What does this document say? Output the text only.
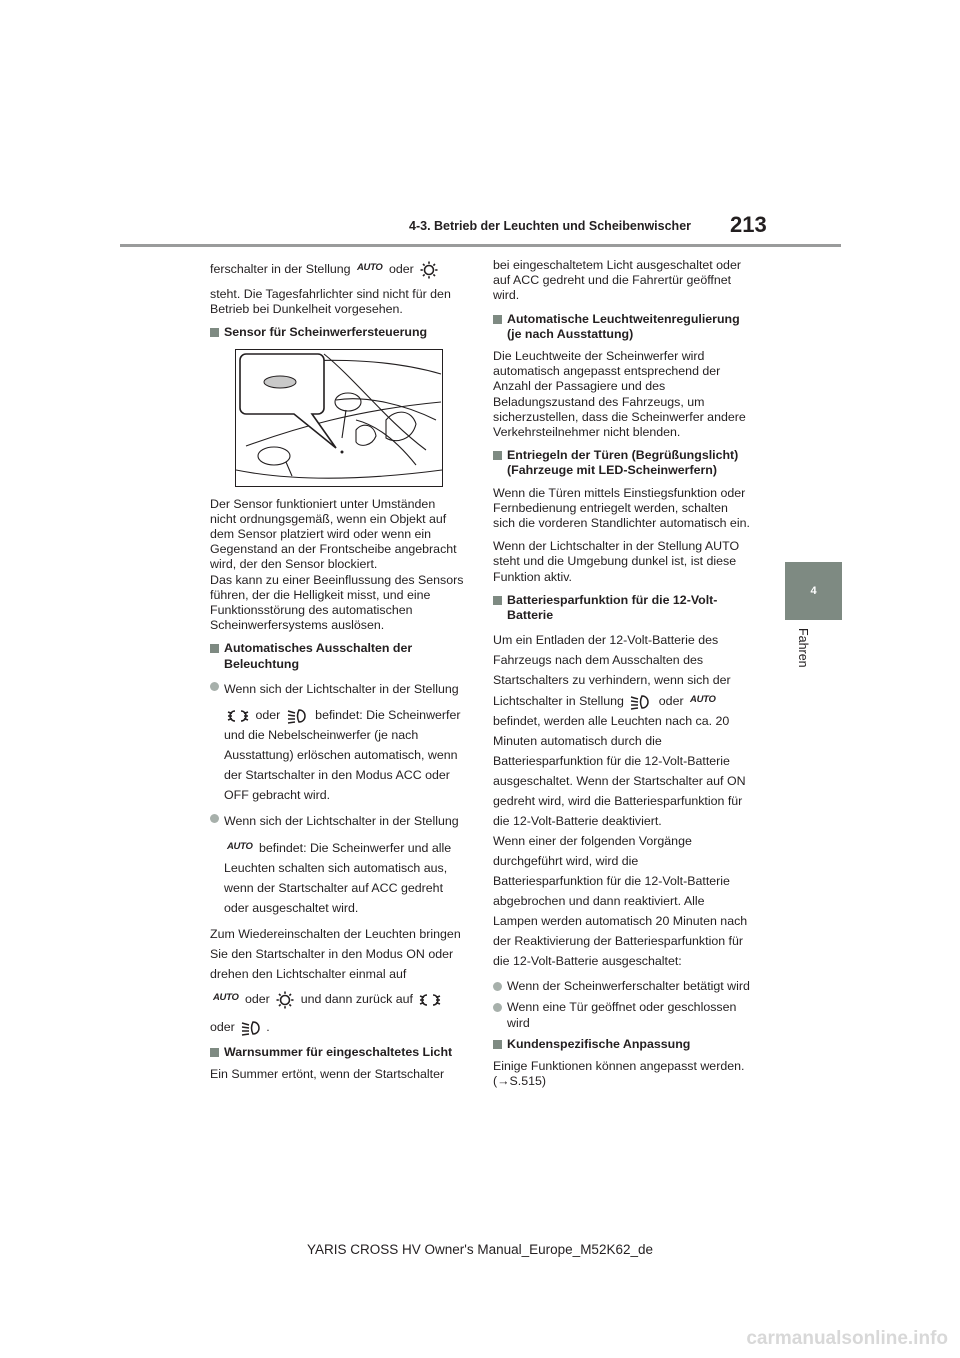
4-3. Betrieb der Leuchten und Scheibenwischer 213
4
Fahren

ferschalter in der Stellung AUTO oder

steht. Die Tagesfahrlichter sind nicht für den Betrieb bei Dunkelheit vorgesehen.

Sensor für Scheinwerfersteuerung

Der Sensor funktioniert unter Umständen nicht ordnungsgemäß, wenn ein Objekt auf dem Sensor platziert wird oder wenn ein Gegenstand an der Frontscheibe angebracht wird, der den Sensor blockiert.

Das kann zu einer Beeinflussung des Sensors führen, der die Helligkeit misst, und eine Funktionsstörung des automatischen Scheinwerfersystems auslösen.

Automatisches Ausschalten der Beleuchtung

Wenn sich der Lichtschalter in der Stellung

oder	befindet: Die Scheinwerfer und die Nebelscheinwerfer (je nach Ausstattung) erlöschen automatisch, wenn der Startschalter in den Modus ACC oder OFF gebracht wird.

Wenn sich der Lichtschalter in der Stellung

AUTO befindet: Die Scheinwerfer und alle Leuchten schalten sich automatisch aus, wenn der Startschalter auf ACC gedreht oder ausgeschaltet wird.

Zum Wiedereinschalten der Leuchten bringen Sie den Startschalter in den Modus ON oder drehen den Lichtschalter einmal auf

AUTO oder und dann zurück auf

oder	.

Warnsummer für eingeschaltetes Licht

Ein Summer ertönt, wenn der Startschalter

bei eingeschaltetem Licht ausgeschaltet oder auf ACC gedreht und die Fahrertür geöffnet wird.

Automatische Leuchtweitenregulierung (je nach Ausstattung)

Die Leuchtweite der Scheinwerfer wird automatisch angepasst entsprechend der Anzahl der Passagiere und des Beladungszustand des Fahrzeugs, um sicherzustellen, dass die Scheinwerfer andere Verkehrsteilnehmer nicht blenden.

Entriegeln der Türen (Begrüßungslicht) (Fahrzeuge mit LED-Scheinwerfern)

Wenn die Türen mittels Einstiegsfunktion oder Fernbedienung entriegelt werden, schalten sich die vorderen Standlichter automatisch ein.

Wenn der Lichtschalter in der Stellung AUTO steht und die Umgebung dunkel ist, ist diese Funktion aktiv.

Batteriesparfunktion für die 12-Volt-Batterie

Um ein Entladen der 12-Volt-Batterie des Fahrzeugs nach dem Ausschalten des Startschalters zu verhindern, wenn sich der Lichtschalter in Stellung	oder AUTO befindet, werden alle Leuchten nach ca. 20 Minuten automatisch durch die Batteriesparfunktion für die 12-Volt-Batterie ausgeschaltet. Wenn der Startschalter auf ON gedreht wird, wird die Batteriesparfunktion für die 12-Volt-Batterie deaktiviert.

Wenn einer der folgenden Vorgänge durchgeführt wird, wird die Batteriesparfunktion für die 12-Volt-Batterie abgebrochen und dann reaktiviert. Alle Lampen werden automatisch 20 Minuten nach der Reaktivierung der Batteriesparfunktion für die 12-Volt-Batterie ausgeschaltet:

Wenn der Scheinwerferschalter betätigt wird

Wenn eine Tür geöffnet oder geschlossen wird

Kundenspezifische Anpassung

Einige Funktionen können angepasst werden. (→S.515)

YARIS CROSS HV Owner's Manual_Europe_M52K62_de
carmanualsonline.info
